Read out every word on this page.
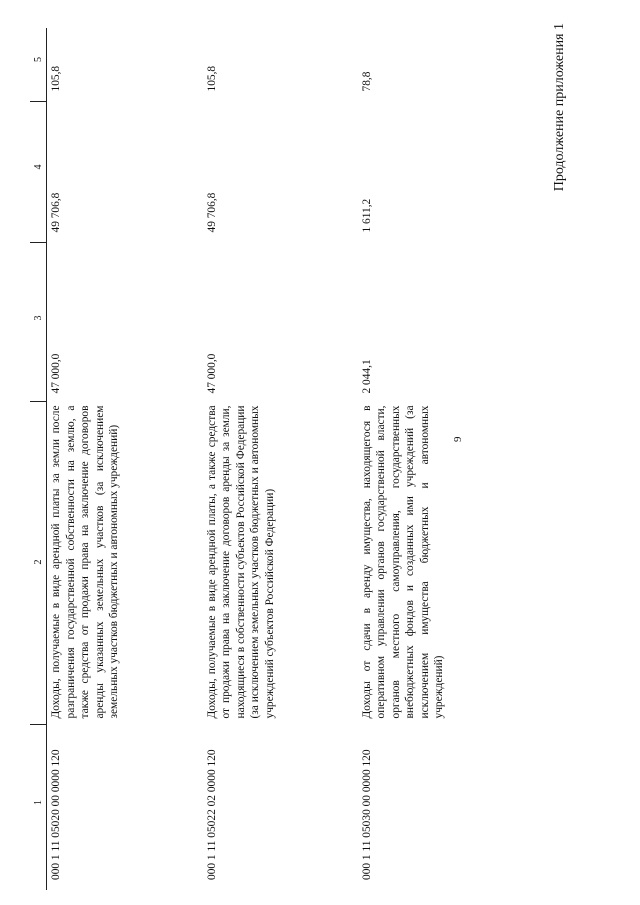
1	2	3	4	5
000 1 11 05020 00 0000 120	Доходы, получаемые в виде арендной платы за земли после разграничения государственной собственности на землю, а также средства от продажи права на заключение договоров аренды указанных земельных участков (за исключением земельных участков бюджетных и автономных учреждений)	47 000,0	49 706,8	105,8
000 1 11 05022 02 0000 120	Доходы, получаемые в виде арендной платы, а также средства от продажи права на заключение договоров аренды за земли, находящиеся в собственности субъектов Российской Федерации (за исключением земельных участков бюджетных и автономных учреждений субъектов Российской Федерации)	47 000,0	49 706,8	105,8
000 1 11 05030 00 0000 120	Доходы от сдачи в аренду имущества, находящегося в оперативном управлении органов государственной власти, органов местного самоуправления, государственных внебюджетных фондов и созданных ими учреждений (за исключением имущества бюджетных и автономных учреждений)	2 044,1	1 611,2	78,8
9
Продолжение приложения 1
